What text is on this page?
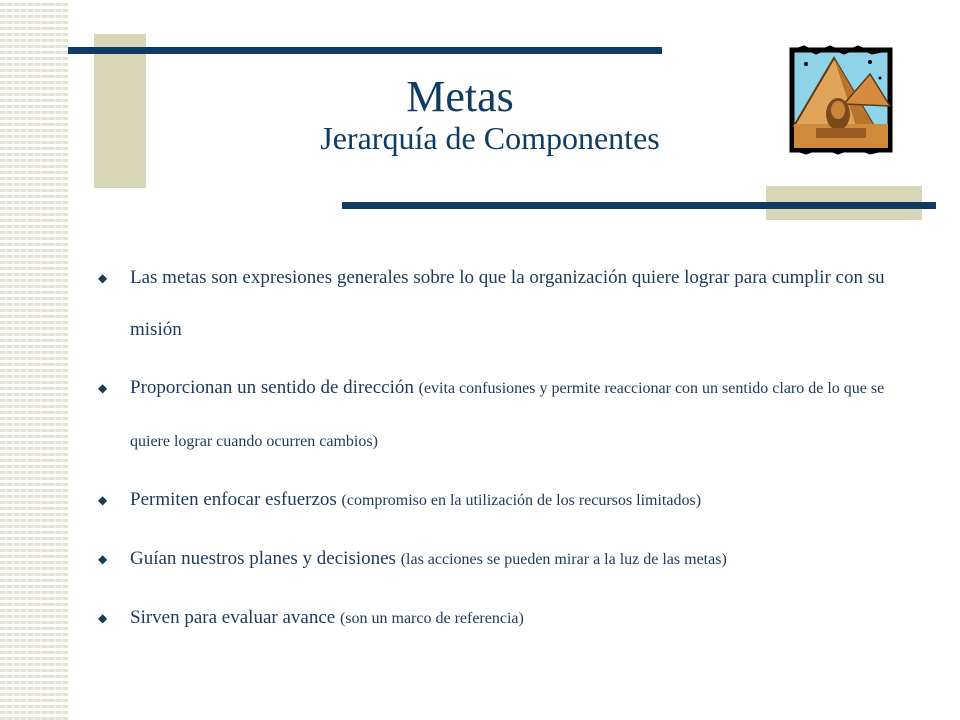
Metas
Jerarquía de Componentes
◆ Las metas son expresiones generales sobre lo que la organización quiere lograr para cumplir con su misión
◆ Proporcionan un sentido de dirección (evita confusiones y permite reaccionar con un sentido claro de lo que se quiere lograr cuando ocurren cambios)
◆ Permiten enfocar esfuerzos (compromiso en la utilización de los recursos limitados)
◆ Guían nuestros planes y decisiones (las acciones se pueden mirar a la luz de las metas)
◆ Sirven para evaluar avance (son un marco de referencia)
